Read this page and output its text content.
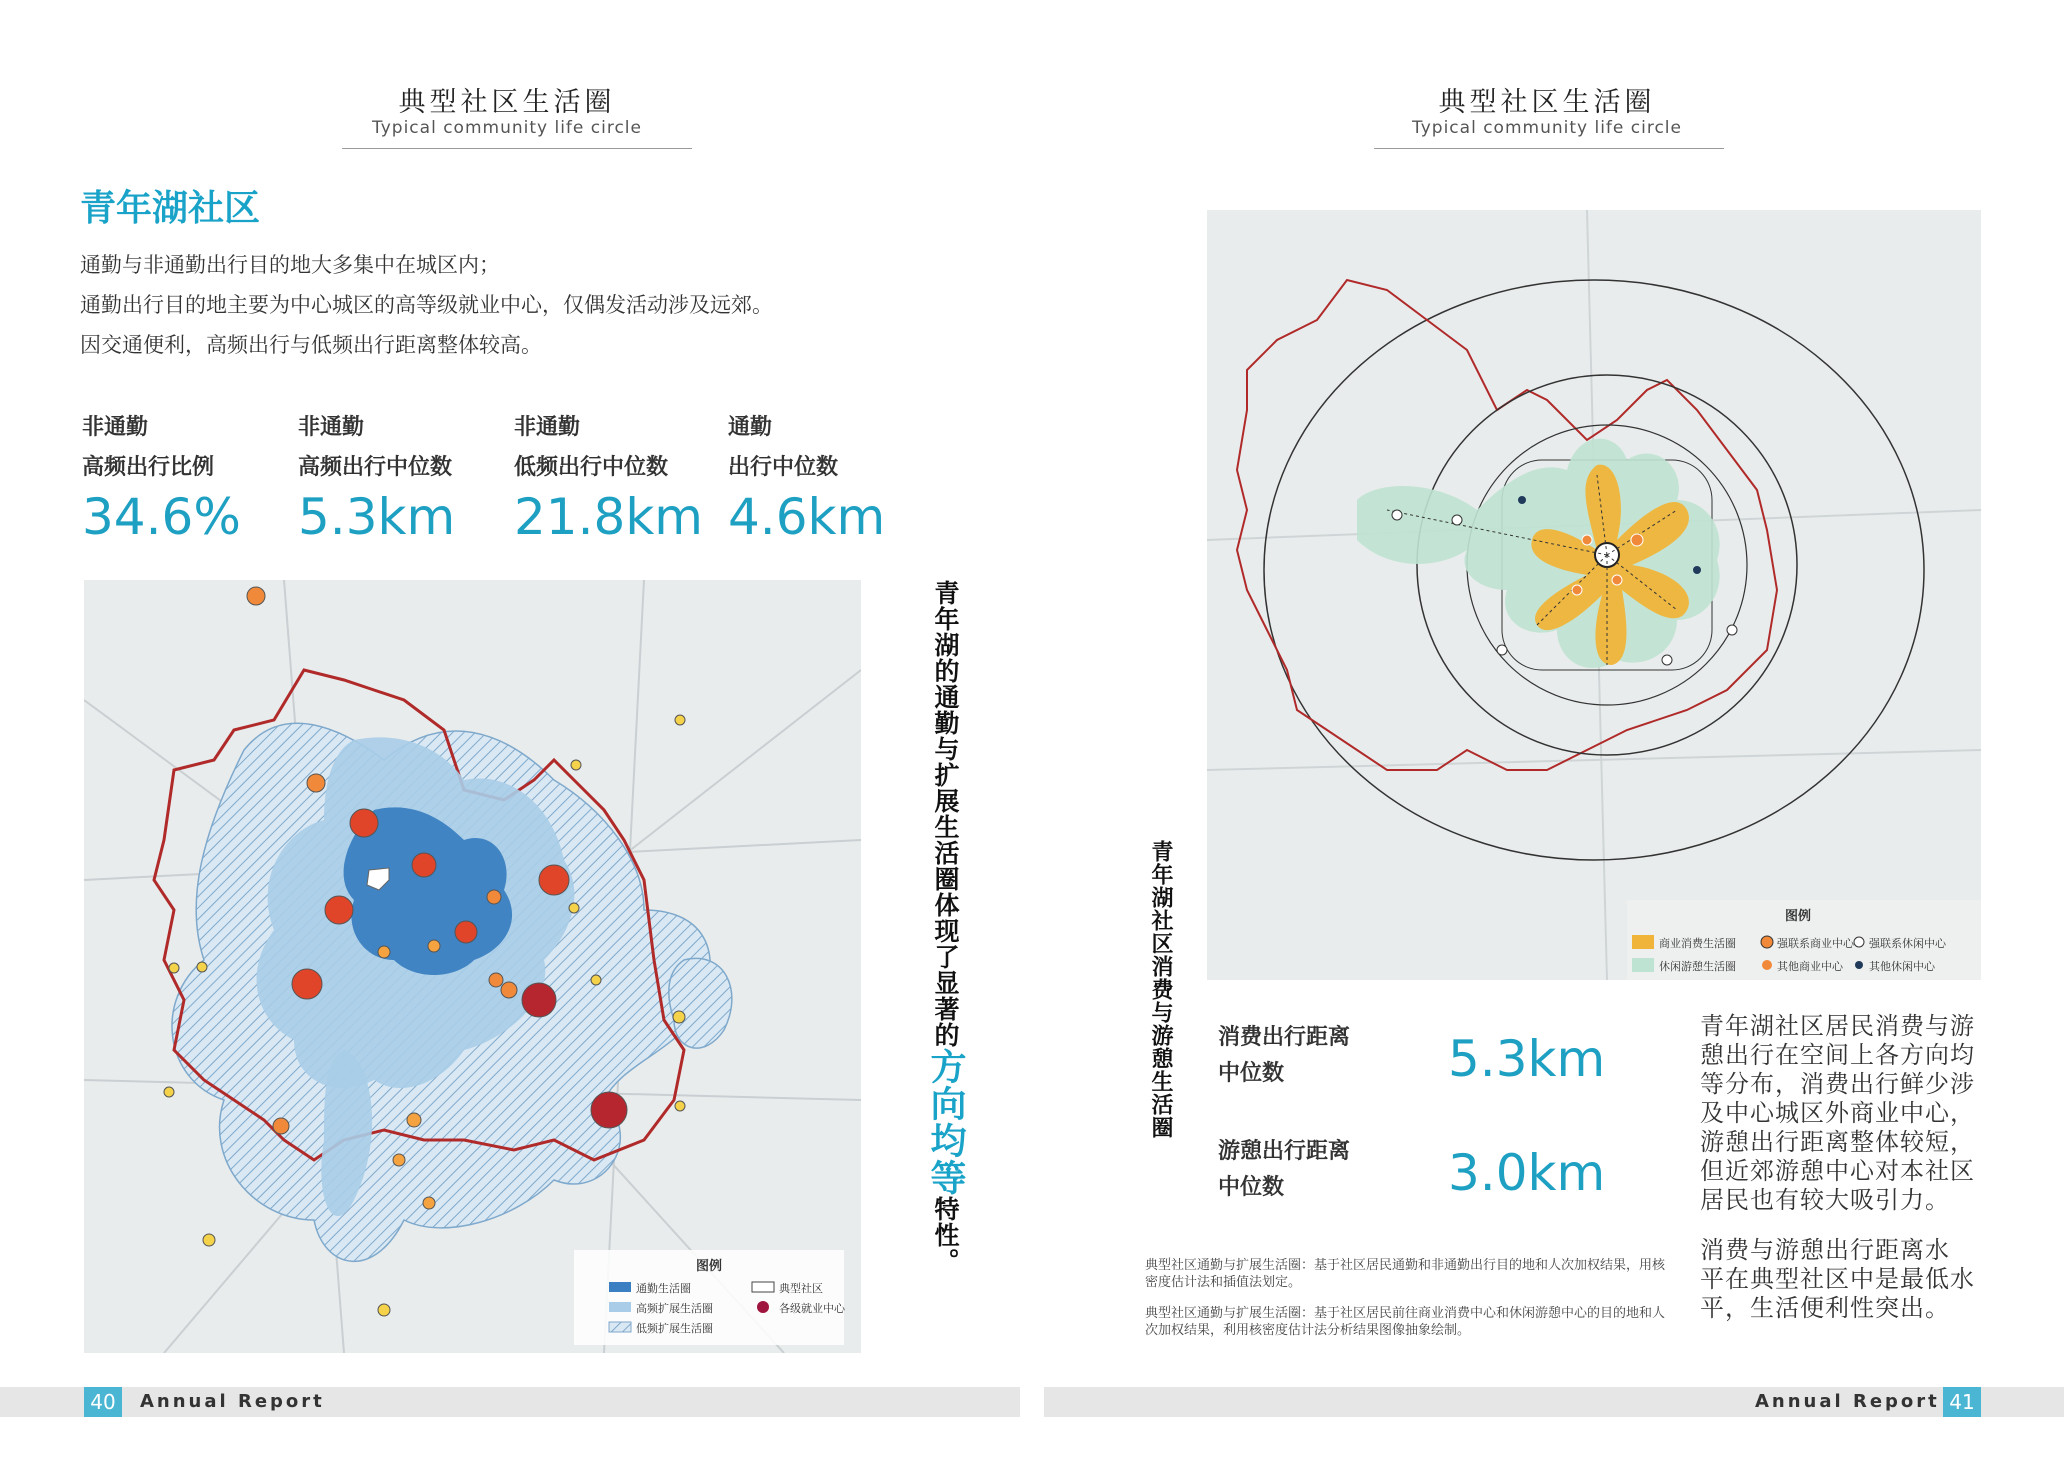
典型社区生活圈
Typical community life circle
青年湖社区
通勤与非通勤出行目的地大多集中在城区内；
通勤出行目的地主要为中心城区的高等级就业中心，仅偶发活动涉及远郊。
因交通便利，高频出行与低频出行距离整体较高。
非通勤
高频出行比例
34.6%
非通勤
高频出行中位数
5.3km
非通勤
低频出行中位数
21.8km
通勤
出行中位数
4.6km
图例
通勤生活圈
高频扩展生活圈
低频扩展生活圈
典型社区
各级就业中心
青年湖的通勤与扩展生活圈体现了显著的方向均等特性。
40	Annual Report
典型社区生活圈
Typical community life circle
图例
商业消费生活圈	强联系商业中心 强联系休闲中心
休闲游憩生活圈	其他商业中心 其他休闲中心
青年湖社区消费与游憩生活圈 消费出行距离
中位数	5.3km
游憩出行距离
中位数	3.0km
青年湖社区居民消费与游
憩出行在空间上各方向均
等分布，消费出行鲜少涉
及中心城区外商业中心，
游憩出行距离整体较短，
但近郊游憩中心对本社区
居民也有较大吸引力。
消费与游憩出行距离水
平在典型社区中是最低水
平，生活便利性突出。
典型社区通勤与扩展生活圈：基于社区居民通勤和非通勤出行目的地和人次加权结果，用核密度估计法和插值法划定。
典型社区通勤与扩展生活圈：基于社区居民前往商业消费中心和休闲游憩中心的目的地和人次加权结果，利用核密度估计法分析结果图像抽象绘制。
Annual Report 41
